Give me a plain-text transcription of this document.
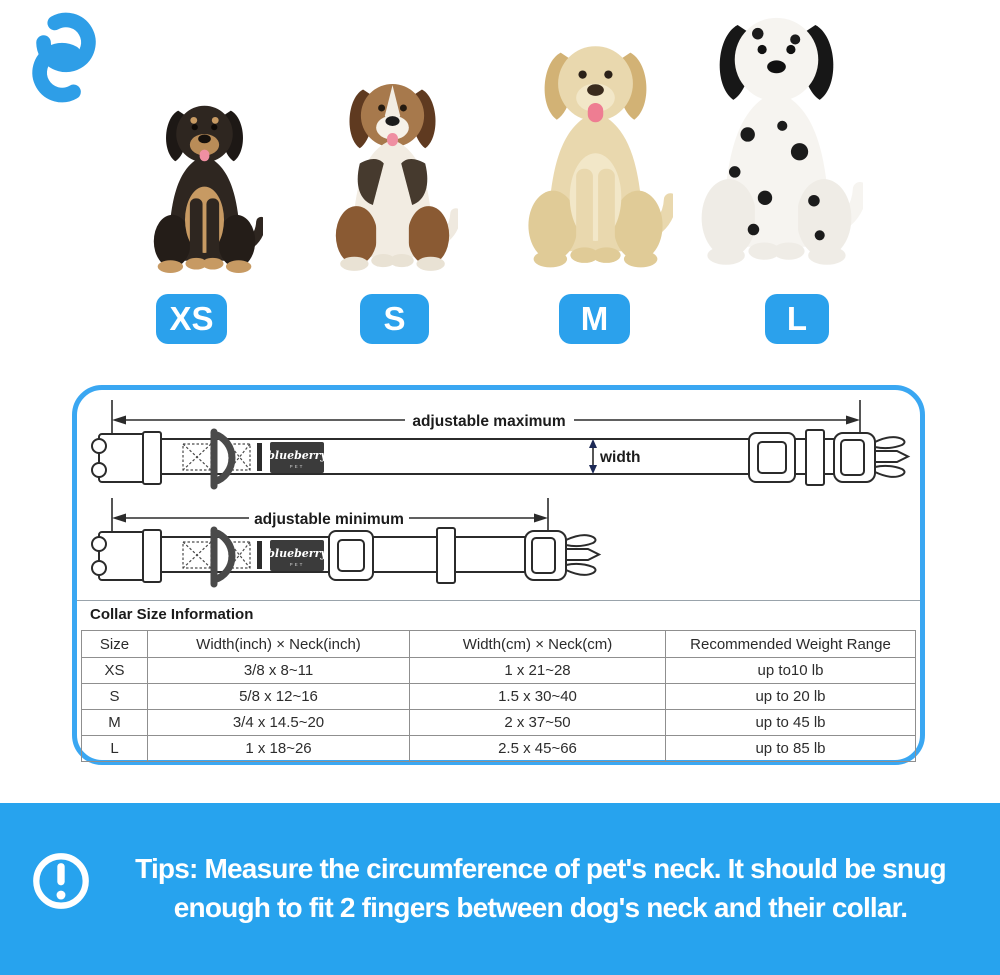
XS	S	M	L
adjustable maximum
blueberry
PET
width
adjustable minimum
blueberry
PET
Collar Size Information
Size	Width(inch) × Neck(inch)	Width(cm) × Neck(cm)	Recommended Weight Range
XS	3/8 x 8~11	1 x 21~28	up to10 lb
S	5/8 x 12~16	1.5 x 30~40	up to 20 lb
M	3/4 x 14.5~20	2 x 37~50	up to 45 lb
L	1 x 18~26	2.5 x 45~66	up to 85 lb
Tips: Measure the circumference of pet's neck. It should be snug
enough to fit 2 fingers between dog's neck and their collar.
